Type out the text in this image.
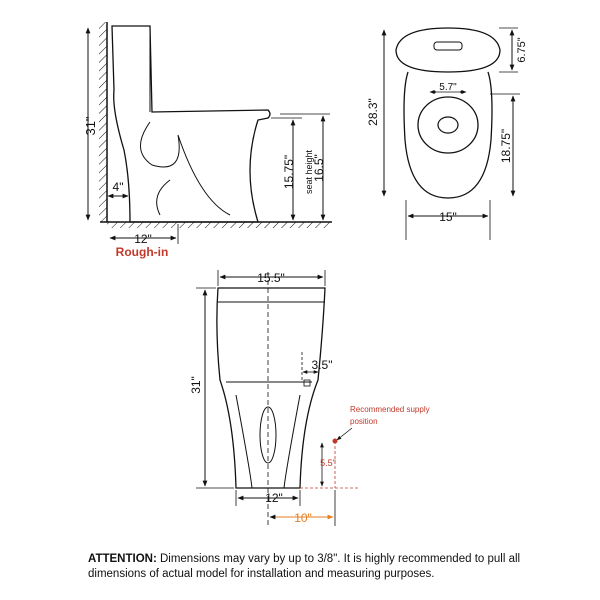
31"
4"	15.75" seat height
16.5"
12"
Rough-in
28.3"
6.75"
5.7"
18.75"
15"
15.5"
31"
3.5"
Recommended supply
position
5.5"
12"
10"
ATTENTION: Dimensions may vary by up to 3/8". It is highly recommended to pull all dimensions of actual model for installation and measuring purposes.
